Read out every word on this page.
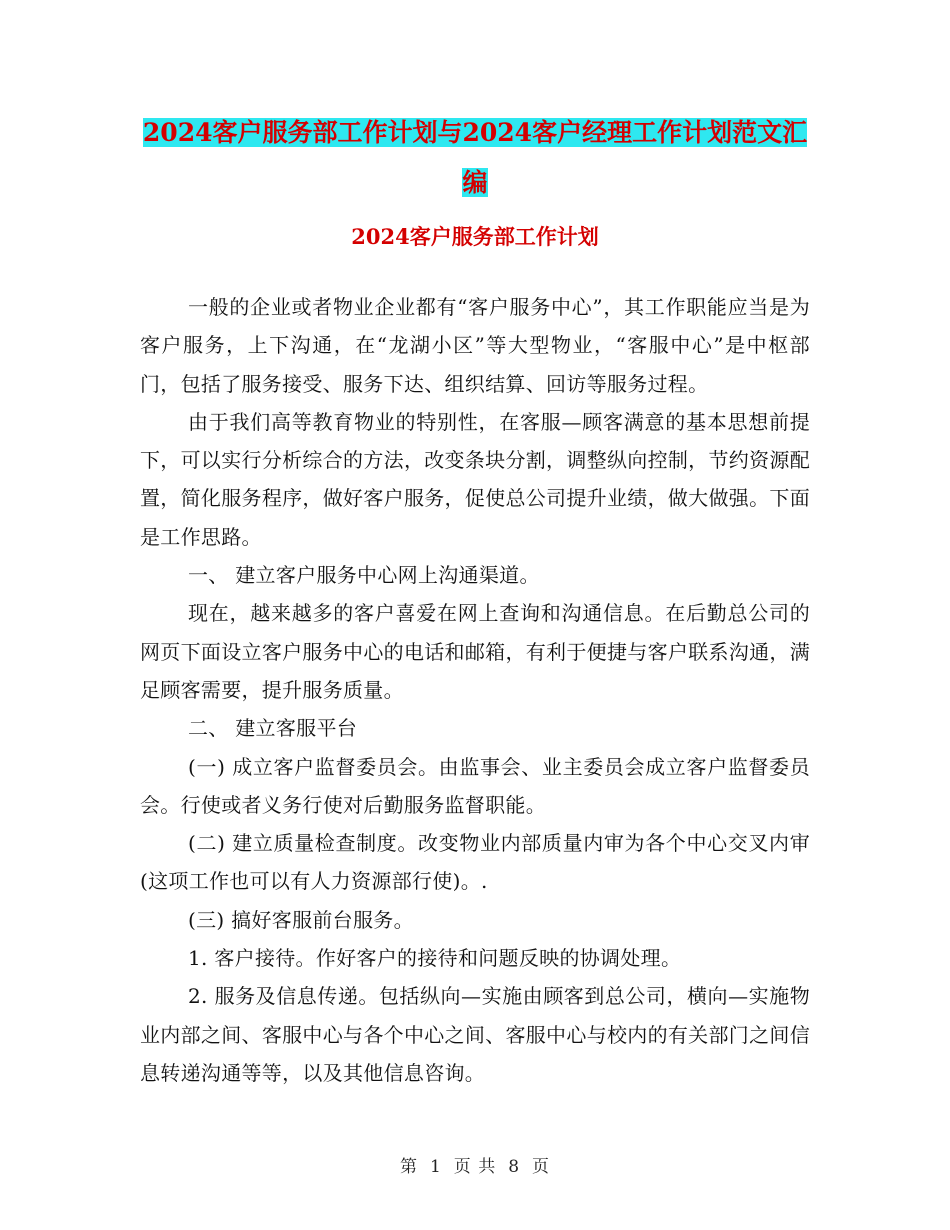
2024客户服务部工作计划与2024客户经理工作计划范文汇编
2024客户服务部工作计划

一般的企业或者物业企业都有“客户服务中心”，其工作职能应当是为客户服务，上下沟通，在“龙湖小区”等大型物业，“客服中心”是中枢部门，包括了服务接受、服务下达、组织结算、回访等服务过程。

由于我们高等教育物业的特别性，在客服—顾客满意的基本思想前提下，可以实行分析综合的方法，改变条块分割，调整纵向控制，节约资源配置，简化服务程序，做好客户服务，促使总公司提升业绩，做大做强。下面是工作思路。

一、 建立客户服务中心网上沟通渠道。

现在，越来越多的客户喜爱在网上查询和沟通信息。在后勤总公司的网页下面设立客户服务中心的电话和邮箱，有利于便捷与客户联系沟通，满足顾客需要，提升服务质量。

二、 建立客服平台

(一) 成立客户监督委员会。由监事会、业主委员会成立客户监督委员会。行使或者义务行使对后勤服务监督职能。

(二) 建立质量检查制度。改变物业内部质量内审为各个中心交叉内审(这项工作也可以有人力资源部行使)。.

(三) 搞好客服前台服务。

1. 客户接待。作好客户的接待和问题反映的协调处理。

2. 服务及信息传递。包括纵向—实施由顾客到总公司，横向—实施物业内部之间、客服中心与各个中心之间、客服中心与校内的有关部门之间信息转递沟通等等，以及其他信息咨询。

第 1 页 共 8 页
